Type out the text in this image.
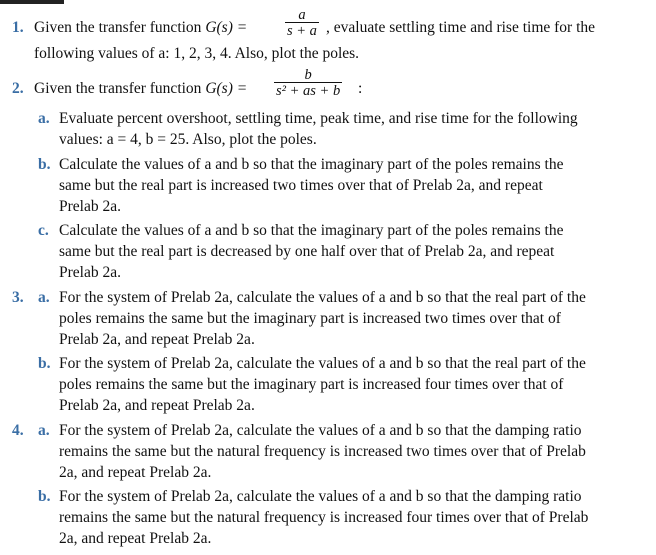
1. Given the transfer function G(s) =	$\frac{a}{s + a}$ , evaluate settling time and rise time for the
following values of a: 1, 2, 3, 4. Also, plot the poles.
2. Given the transfer function $G(s) = \frac{b}{\text{s² + as + b}}$ :
a. Evaluate percent overshoot, settling time, peak time, and rise time for the following
values: a = 4, b = 25. Also, plot the poles.
b. Calculate the values of a and b so that the imaginary part of the poles remains the
same but the real part is increased two times over that of Prelab 2a, and repeat
Prelab 2a.
c. Calculate the values of a and b so that the imaginary part of the poles remains the
same but the real part is decreased by one half over that of Prelab 2a, and repeat
Prelab 2a.
3. a. For the system of Prelab 2a, calculate the values of a and b so that the real part of the
poles remains the same but the imaginary part is increased two times over that of
Prelab 2a, and repeat Prelab 2a.
b. For the system of Prelab 2a, calculate the values of a and b so that the real part of the
poles remains the same but the imaginary part is increased four times over that of
Prelab 2a, and repeat Prelab 2a.
4. a. For the system of Prelab 2a, calculate the values of a and b so that the damping ratio
remains the same but the natural frequency is increased two times over that of Prelab
2a, and repeat Prelab 2a.
b. For the system of Prelab 2a, calculate the values of a and b so that the damping ratio
remains the same but the natural frequency is increased four times over that of Prelab
2a, and repeat Prelab 2a.
